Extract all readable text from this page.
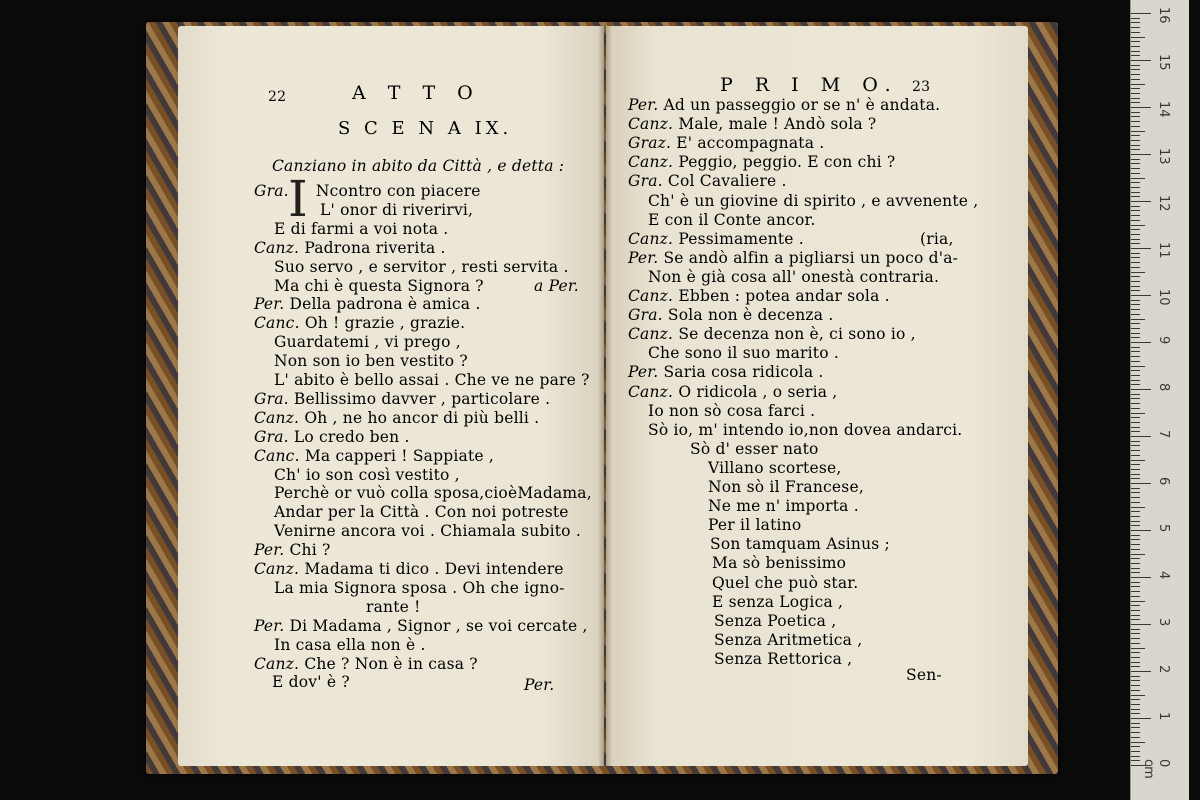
22	A T T O
S C E N A IX.
Canziano in abito da Città , e detta :
I
Gra. Ncontro con piacere
L' onor di riverirvi,
E di farmi a voi nota .
Canz. Padrona riverita .
Suo servo , e servitor , resti servita .
Ma chi è questa Signora ?
Per. Della padrona è amica .
Canc. Oh ! grazie , grazie.
Guardatemi , vi prego ,
Non son io ben vestito ?
L' abito è bello assai . Che ve ne pare ?
Gra. Bellissimo davver , particolare .
Canz. Oh , ne ho ancor di più belli .
Gra. Lo credo ben .
Canc. Ma capperi ! Sappiate ,
Ch' io son così vestito ,
Perchè or vuò colla sposa,cioèMadama,
Andar per la Città . Con noi potreste
Venirne ancora voi . Chiamala subito .
Per. Chi ?
Canz. Madama ti dico . Devi intendere
La mia Signora sposa . Oh che igno-
rante !
Per. Di Madama , Signor , se voi cercate ,
In casa ella non è .
Canz. Che ? Non è in casa ?
E dov' è ?	Per.
a Per.
P R I M O. 23
Per. Ad un passeggio or se n' è andata.
Canz. Male, male ! Andò sola ?
Graz. E' accompagnata .
Canz. Peggio, peggio. E con chi ?
Gra. Col Cavaliere .
Ch' è un giovine di spirito , e avvenente ,
E con il Conte ancor.
Canz. Pessimamente .
Per. Se andò alfin a pigliarsi un poco d'a-
Non è già cosa all' onestà contraria.
Canz. Ebben : potea andar sola .
Gra. Sola non è decenza .
Canz. Se decenza non è, ci sono io ,
Che sono il suo marito .
Per. Saria cosa ridicola .
Canz. O ridicola , o seria ,
Io non sò cosa farci .
Sò io, m' intendo io,non dovea andarci.
Sò d' esser nato
Villano scortese,
Non sò il Francese,
Ne me n' importa .
Per il latino
Son tamquam Asinus ;
Ma sò benissimo
Quel che può star.
E senza Logica ,
Senza Poetica ,
Senza Aritmetica ,
Senza Rettorica ,
(ria,
Sen-
0 cm
1
2
3
4
5
6
7
8
9
10
11
12
13
14
15
16
